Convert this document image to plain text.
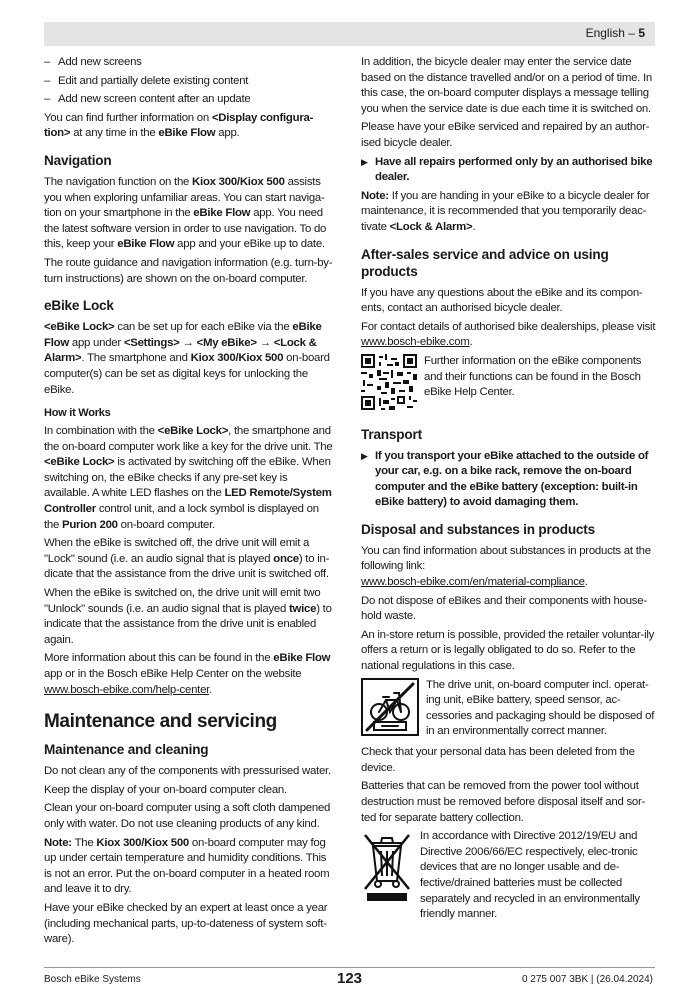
English – 5

– Add new screens

– Edit and partially delete existing content

– Add new screen content after an update

You can find further information on <Display configura-tion> at any time in the eBike Flow app.

Navigation

The navigation function on the Kiox 300/Kiox 500 assists you when exploring unfamiliar areas. You can start naviga-tion on your smartphone in the eBike Flow app. You need the latest software version in order to use navigation. To do this, keep your eBike Flow app and your eBike up to date.

The route guidance and navigation information (e.g. turn-by-turn instructions) are shown on the on-board computer.

eBike Lock

<eBike Lock> can be set up for each eBike via the eBike Flow app under <Settings> → <My eBike> → <Lock & Alarm>. The smartphone and Kiox 300/Kiox 500 on-board computer(s) can be set as digital keys for unlocking the eBike.

How it Works

In combination with the <eBike Lock>, the smartphone and the on-board computer work like a key for the drive unit. The <eBike Lock> is activated by switching off the eBike. When switching on, the eBike checks if any pre-set key is available. A white LED flashes on the LED Remote/System Controller control unit, and a lock symbol is displayed on the Purion 200 on-board computer.

When the eBike is switched off, the drive unit will emit a "Lock" sound (i.e. an audio signal that is played once) to in-dicate that the assistance from the drive unit is switched off.

When the eBike is switched on, the drive unit will emit two "Unlock" sounds (i.e. an audio signal that is played twice) to indicate that the assistance from the drive unit is enabled again.

More information about this can be found in the eBike Flow app or in the Bosch eBike Help Center on the website www.bosch-ebike.com/help-center.

Maintenance and servicing
Maintenance and cleaning

Do not clean any of the components with pressurised water.

Keep the display of your on-board computer clean.

Clean your on-board computer using a soft cloth dampened only with water. Do not use cleaning products of any kind.

Note: The Kiox 300/Kiox 500 on-board computer may fog up under certain temperature and humidity conditions. This is not an error. Put the on-board computer in a heated room and leave it to dry.

Have your eBike checked by an expert at least once a year (including mechanical parts, up-to-dateness of system soft-ware).

In addition, the bicycle dealer may enter the service date based on the distance travelled and/or on a period of time. In this case, the on-board computer displays a message telling you when the service date is due each time it is switched on.

Please have your eBike serviced and repaired by an author-ised bicycle dealer.

▶ Have all repairs performed only by an authorised bike dealer.

Note: If you are handing in your eBike to a bicycle dealer for maintenance, it is recommended that you temporarily deac-tivate <Lock & Alarm>.

After-sales service and advice on using products

If you have any questions about the eBike and its compon-ents, contact an authorised bicycle dealer.

For contact details of authorised bike dealerships, please visit www.bosch-ebike.com.

Further information on the eBike components and their functions can be found in the Bosch eBike Help Center.
Transport

▶ If you transport your eBike attached to the outside of your car, e.g. on a bike rack, remove the on-board computer and the eBike battery (exception: built-in eBike battery) to avoid damaging them.

Disposal and substances in products

You can find information about substances in products at the following link:
www.bosch-ebike.com/en/material-compliance.

Do not dispose of eBikes and their components with house-hold waste.

An in-store return is possible, provided the retailer voluntar-ily offers a return or is legally obligated to do so. Refer to the national regulations in this case.

The drive unit, on-board computer incl. operat-ing unit, eBike battery, speed sensor, ac-cessories and packaging should be disposed of in an environmentally correct manner.

Check that your personal data has been deleted from the device.

Batteries that can be removed from the power tool without destruction must be removed before disposal itself and sor-ted for separate battery collection.

In accordance with Directive 2012/19/EU and Directive 2006/66/EC respectively, elec-tronic devices that are no longer usable and de-fective/drained batteries must be collected separately and recycled in an environmentally friendly manner.
Bosch eBike Systems	123	0 275 007 3BK | (26.04.2024)
